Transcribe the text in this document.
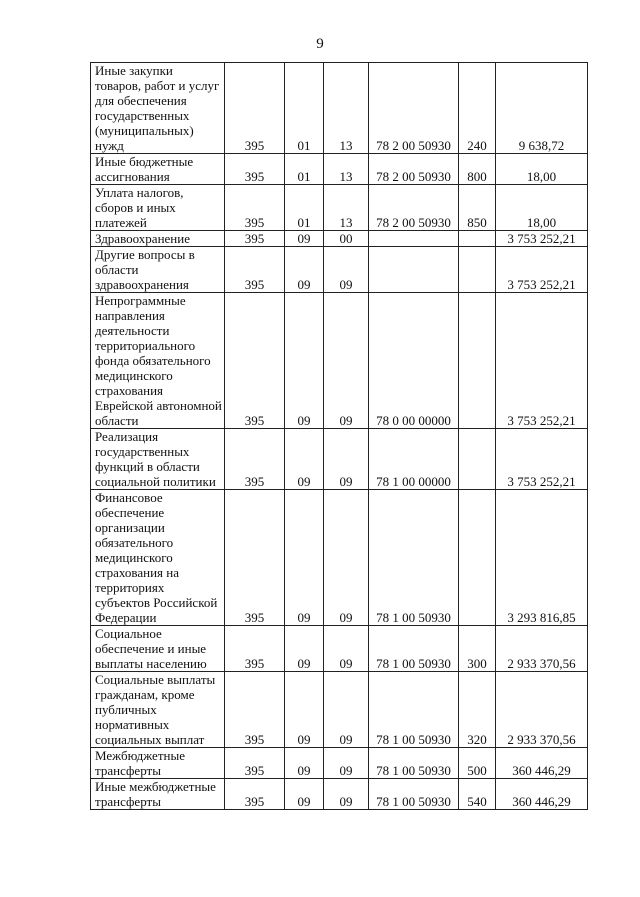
9
Иные закупки товаров, работ и услуг для обеспечения государственных (муниципальных) нужд	395	01	13	78 2 00 50930	240	9 638,72
Иные бюджетные ассигнования	395	01	13	78 2 00 50930	800	18,00
Уплата налогов, сборов и иных платежей	395	01	13	78 2 00 50930	850	18,00
Здравоохранение	395	09	00			3 753 252,21
Другие вопросы в области здравоохранения	395	09	09			3 753 252,21
Непрограммные направления деятельности территориального фонда обязательного медицинского страхования Еврейской автономной области	395	09	09	78 0 00 00000		3 753 252,21
Реализация государственных функций в области социальной политики	395	09	09	78 1 00 00000		3 753 252,21
Финансовое обеспечение организации обязательного медицинского страхования на территориях субъектов Российской Федерации	395	09	09	78 1 00 50930		3 293 816,85
Социальное обеспечение и иные выплаты населению	395	09	09	78 1 00 50930	300	2 933 370,56
Социальные выплаты гражданам, кроме публичных нормативных социальных выплат	395	09	09	78 1 00 50930	320	2 933 370,56
Межбюджетные трансферты	395	09	09	78 1 00 50930	500	360 446,29
Иные межбюджетные трансферты	395	09	09	78 1 00 50930	540	360 446,29
